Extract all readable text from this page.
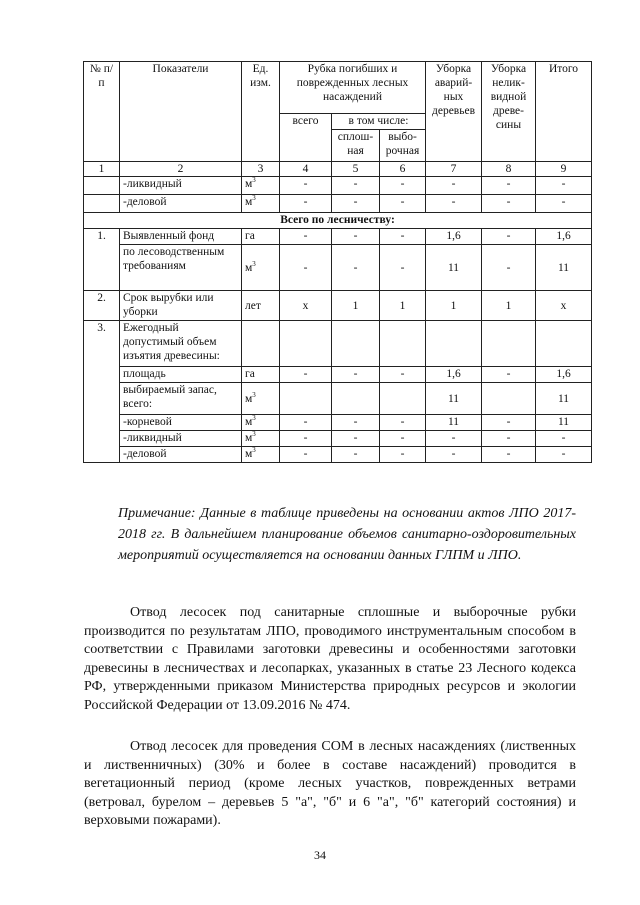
№ п/п	Показатели	Ед. изм.	Рубка погибших и поврежденных лесных насаждений			Уборка аварий-ных деревьев	Уборка нелик-видной древе-сины	Итого
			всего	в том числе:				
				сплош-ная	выбо-рочная			
1	2	3	4	5	6	7	8	9
	-ликвидный	$м^3$	-	-	-	-	-	-
	-деловой	$м^3$	-	-	-	-	-	-
Всего по лесничеству:								
1.	Выявленный фонд	га	-	-	-	1,6	-	1,6
	по лесоводственным требованиям	$м^3$	-	-	-	11	-	11
2.	Срок вырубки или уборки	лет	х	1	1	1	1	х
3.	Ежегодный допустимый объем изъятия древесины:							
	площадь	га	-	-	-	1,6	-	1,6
	выбираемый запас, всего:	$м^3$				11		11
	-корневой	$м^3$	-	-	-	11	-	11
	-ликвидный	$м^3$	-	-	-	-	-	-
	-деловой	$м^3$	-	-	-	-	-	-
Примечание: Данные в таблице приведены на основании актов ЛПО 2017-2018 гг. В дальнейшем планирование объемов санитарно-оздоровительных мероприятий осуществляется на основании данных ГЛПМ и ЛПО.
Отвод лесосек под санитарные сплошные и выборочные рубки производится по результатам ЛПО, проводимого инструментальным способом в соответствии с Правилами заготовки древесины и особенностями заготовки древесины в лесничествах и лесопарках, указанных в статье 23 Лесного кодекса РФ, утвержденными приказом Министерства природных ресурсов и экологии Российской Федерации от 13.09.2016 № 474.
Отвод лесосек для проведения СОМ в лесных насаждениях (лиственных и лиственничных) (30% и более в составе насаждений) проводится в вегетационный период (кроме лесных участков, поврежденных ветрами (ветровал, бурелом – деревьев 5 "а", "б" и 6 "а", "б" категорий состояния) и верховыми пожарами).
34
